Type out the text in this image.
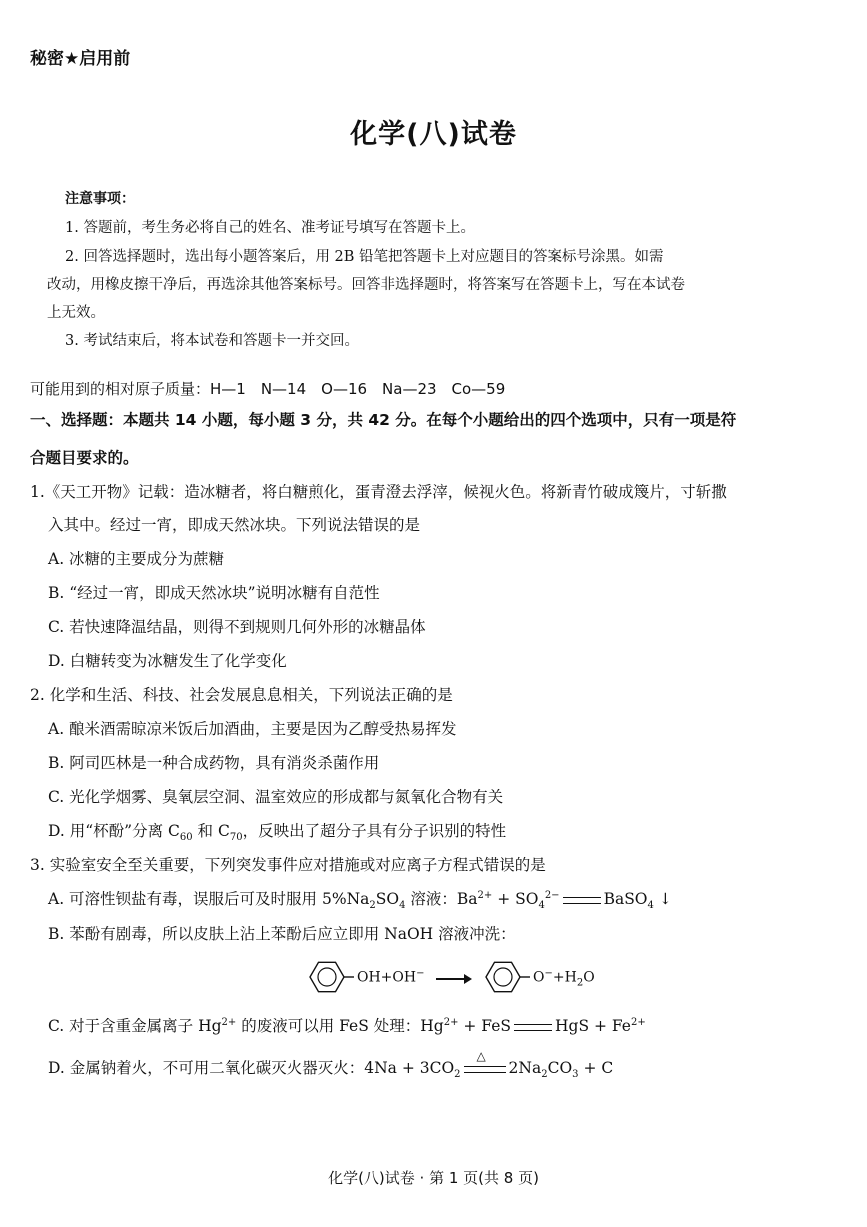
秘密★启用前
化学(八)试卷
注意事项：
1. 答题前，考生务必将自己的姓名、准考证号填写在答题卡上。
2. 回答选择题时，选出每小题答案后，用 2B 铅笔把答题卡上对应题目的答案标号涂黑。如需
改动，用橡皮擦干净后，再选涂其他答案标号。回答非选择题时，将答案写在答题卡上，写在本试卷
上无效。
3. 考试结束后，将本试卷和答题卡一并交回。
可能用到的相对原子质量：H—1　N—14　O—16　Na—23　Co—59
一、选择题：本题共 14 小题，每小题 3 分，共 42 分。在每个小题给出的四个选项中，只有一项是符
合题目要求的。
1.《天工开物》记载：造冰糖者，将白糖煎化，蛋青澄去浮滓，候视火色。将新青竹破成篾片，寸斩撒
入其中。经过一宵，即成天然冰块。下列说法错误的是
A. 冰糖的主要成分为蔗糖
B. “经过一宵，即成天然冰块”说明冰糖有自范性
C. 若快速降温结晶，则得不到规则几何外形的冰糖晶体
D. 白糖转变为冰糖发生了化学变化
2. 化学和生活、科技、社会发展息息相关，下列说法正确的是
A. 酿米酒需晾凉米饭后加酒曲，主要是因为乙醇受热易挥发
B. 阿司匹林是一种合成药物，具有消炎杀菌作用
C. 光化学烟雾、臭氧层空洞、温室效应的形成都与氮氧化合物有关
D. 用“杯酚”分离 $C_{60}$ 和 $C_{70}$，反映出了超分子具有分子识别的特性
3. 实验室安全至关重要，下列突发事件应对措施或对应离子方程式错误的是
A. 可溶性钡盐有毒，误服后可及时服用 $5\%Na_2SO_4$ 溶液：$Ba^{2+} + SO_4^{2-}$	BaSO$_4$ ↓
B. 苯酚有剧毒，所以皮肤上沾上苯酚后应立即用 NaOH 溶液冲洗：
OH+OH− →	$O^-+H_2O$
C. 对于含重金属离子 $Hg^{2+}$ 的废液可以用 FeS 处理：$Hg^{2+}$ + FeS	HgS + $Fe^{2+}$
D. 金属钠着火，不可用二氧化碳灭火器灭火：$4Na + 3CO_2$
△
$2Na_2CO_3 + C$
化学(八)试卷 · 第 1 页(共 8 页)
